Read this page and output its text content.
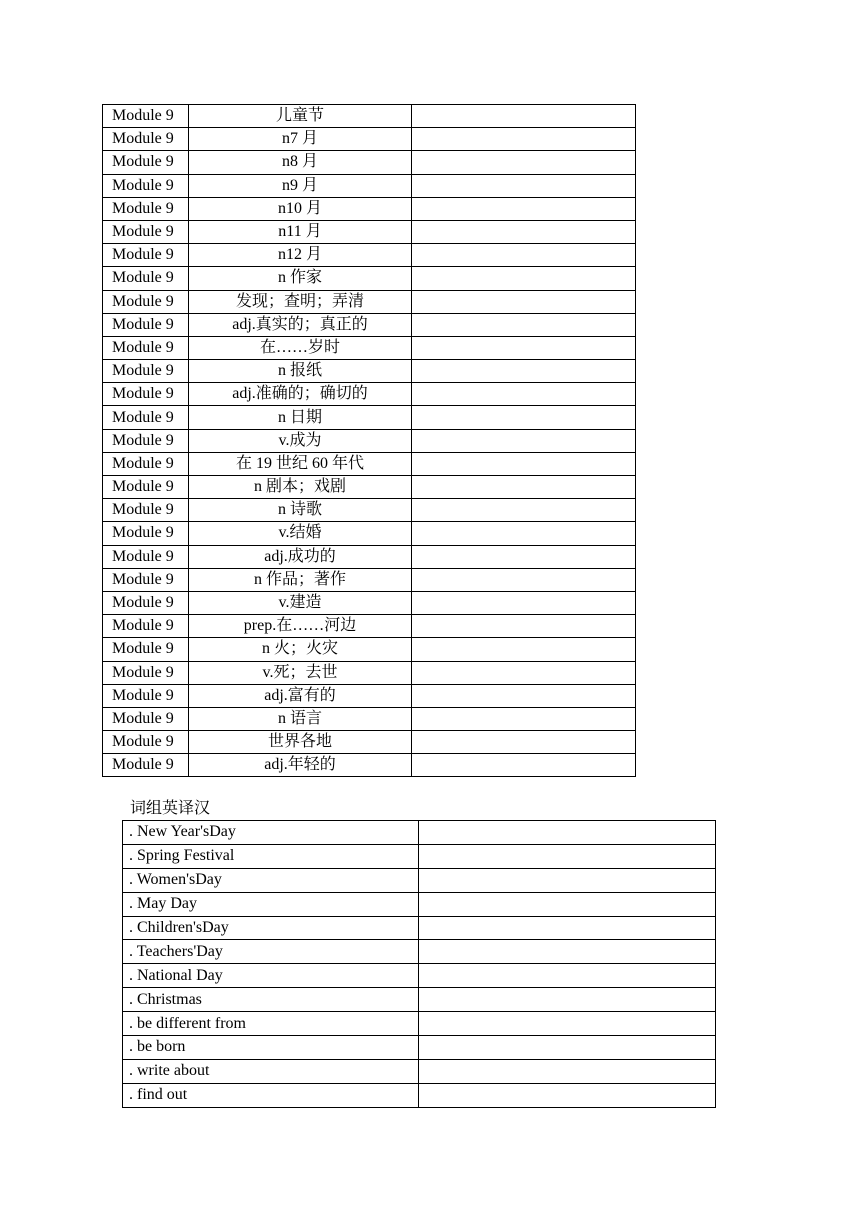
Module 9	儿童节	
Module 9	n7 月	
Module 9	n8 月	
Module 9	n9 月	
Module 9	n10 月	
Module 9	n11 月	
Module 9	n12 月	
Module 9	n 作家	
Module 9	发现；查明；弄清	
Module 9	adj.真实的；真正的	
Module 9	在……岁时	
Module 9	n 报纸	
Module 9	adj.准确的；确切的	
Module 9	n 日期	
Module 9	v.成为	
Module 9	在 19 世纪 60 年代	
Module 9	n 剧本；戏剧	
Module 9	n 诗歌	
Module 9	v.结婚	
Module 9	adj.成功的	
Module 9	n 作品；著作	
Module 9	v.建造	
Module 9	prep.在……河边	
Module 9	n 火；火灾	
Module 9	v.死；去世	
Module 9	adj.富有的	
Module 9	n 语言	
Module 9	世界各地	
Module 9	adj.年轻的	
词组英译汉
. New Year'sDay	
. Spring Festival	
. Women'sDay	
. May Day	
. Children'sDay	
. Teachers'Day	
. National Day	
. Christmas	
. be different from	
. be born	
. write about	
. find out	
